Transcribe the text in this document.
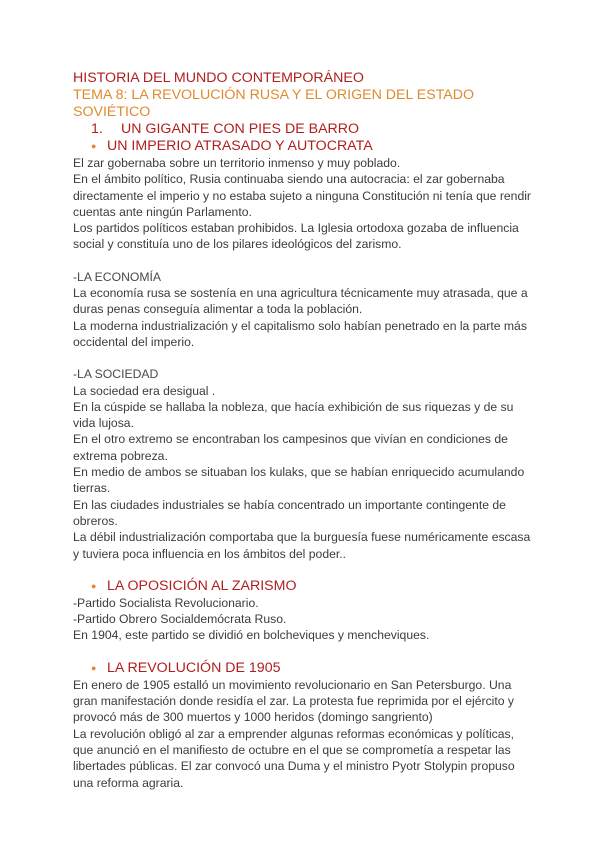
HISTORIA DEL MUNDO CONTEMPORÁNEO
TEMA 8: LA REVOLUCIÓN RUSA Y EL ORIGEN DEL ESTADO SOVIÉTICO
1.	UN GIGANTE CON PIES DE BARRO
● UN IMPERIO ATRASADO Y AUTOCRATA

El zar gobernaba sobre un territorio inmenso y muy poblado.

En el ámbito político, Rusia continuaba siendo una autocracia: el zar gobernaba

directamente el imperio y no estaba sujeto a ninguna Constitución ni tenía que rendir

cuentas ante ningún Parlamento.

Los partidos políticos estaban prohibidos. La Iglesia ortodoxa gozaba de influencia

social y constituía uno de los pilares ideológicos del zarismo.

-LA ECONOMÍA

La economía rusa se sostenía en una agricultura técnicamente muy atrasada, que a

duras penas conseguía alimentar a toda la población.

La moderna industrialización y el capitalismo solo habían penetrado en la parte más

occidental del imperio.

-LA SOCIEDAD

La sociedad era desigual .

En la cúspide se hallaba la nobleza, que hacía exhibición de sus riquezas y de su

vida lujosa.

En el otro extremo se encontraban los campesinos que vivían en condiciones de

extrema pobreza.

En medio de ambos se situaban los kulaks, que se habían enriquecido acumulando

tierras.

En las ciudades industriales se había concentrado un importante contingente de

obreros.

La débil industrialización comportaba que la burguesía fuese numéricamente escasa

y tuviera poca influencia en los ámbitos del poder..

● LA OPOSICIÓN AL ZARISMO

-Partido Socialista Revolucionario.

-Partido Obrero Socialdemócrata Ruso.

En 1904, este partido se dividió en bolcheviques y mencheviques.

● LA REVOLUCIÓN DE 1905

En enero de 1905 estalló un movimiento revolucionario en San Petersburgo. Una

gran manifestación donde residía el zar. La protesta fue reprimida por el ejército y

provocó más de 300 muertos y 1000 heridos (domingo sangriento)

La revolución obligó al zar a emprender algunas reformas económicas y políticas,

que anunció en el manifiesto de octubre en el que se comprometía a respetar las

libertades públicas. El zar convocó una Duma y el ministro Pyotr Stolypin propuso

una reforma agraria.
